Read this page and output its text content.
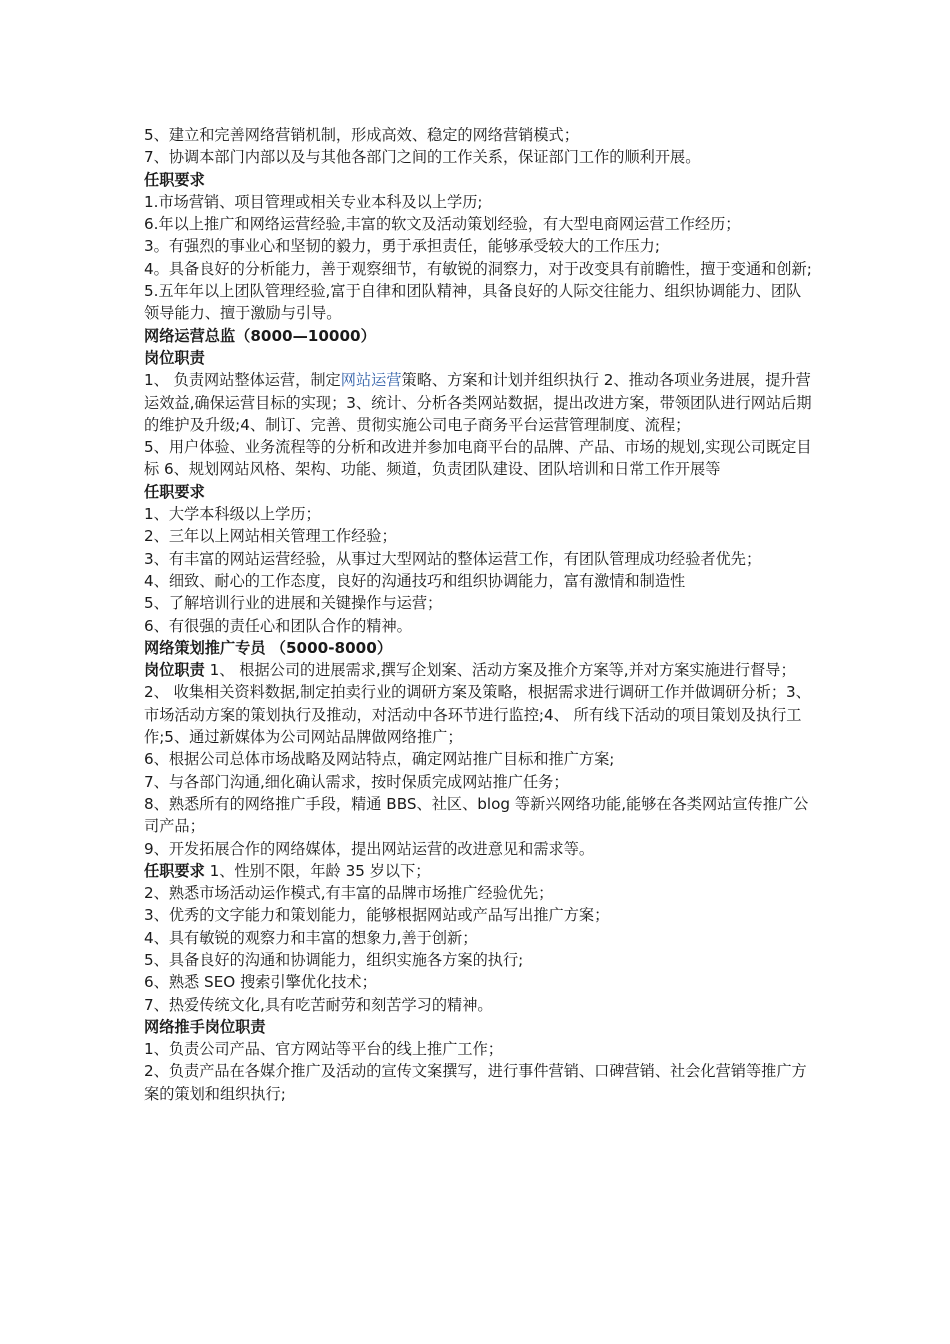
5、建立和完善网络营销机制，形成高效、稳定的网络营销模式；
7、协调本部门内部以及与其他各部门之间的工作关系，保证部门工作的顺利开展。
任职要求
1.市场营销、项目管理或相关专业本科及以上学历;
6.年以上推广和网络运营经验,丰富的软文及活动策划经验，有大型电商网运营工作经历；
3。有强烈的事业心和坚韧的毅力，勇于承担责任，能够承受较大的工作压力;
4。具备良好的分析能力，善于观察细节，有敏锐的洞察力，对于改变具有前瞻性，擅于变通和创新;
5.五年年以上团队管理经验,富于自律和团队精神，具备良好的人际交往能力、组织协调能力、团队领导能力、擅于激励与引导。
网络运营总监（8000—10000）
岗位职责
1、 负责网站整体运营，制定网站运营策略、方案和计划并组织执行 2、推动各项业务进展，提升营运效益,确保运营目标的实现；3、统计、分析各类网站数据，提出改进方案，带领团队进行网站后期的维护及升级;4、制订、完善、贯彻实施公司电子商务平台运营管理制度、流程；
5、用户体验、业务流程等的分析和改进并参加电商平台的品牌、产品、市场的规划,实现公司既定目标 6、规划网站风格、架构、功能、频道，负责团队建设、团队培训和日常工作开展等
任职要求
1、大学本科级以上学历；
2、三年以上网站相关管理工作经验；
3、有丰富的网站运营经验，从事过大型网站的整体运营工作，有团队管理成功经验者优先；
4、细致、耐心的工作态度，良好的沟通技巧和组织协调能力，富有激情和制造性
5、了解培训行业的进展和关键操作与运营；
6、有很强的责任心和团队合作的精神。
网络策划推广专员 （5000-8000）
岗位职责 1、 根据公司的进展需求,撰写企划案、活动方案及推介方案等,并对方案实施进行督导；2、 收集相关资料数据,制定拍卖行业的调研方案及策略，根据需求进行调研工作并做调研分析；3、 市场活动方案的策划执行及推动，对活动中各环节进行监控;4、 所有线下活动的项目策划及执行工作;5、通过新媒体为公司网站品牌做网络推广；
6、根据公司总体市场战略及网站特点，确定网站推广目标和推广方案;
7、与各部门沟通,细化确认需求，按时保质完成网站推广任务；
8、熟悉所有的网络推广手段，精通 BBS、社区、blog 等新兴网络功能,能够在各类网站宣传推广公司产品；
9、开发拓展合作的网络媒体，提出网站运营的改进意见和需求等。
任职要求 1、性别不限，年龄 35 岁以下；
2、熟悉市场活动运作模式,有丰富的品牌市场推广经验优先；
3、优秀的文字能力和策划能力，能够根据网站或产品写出推广方案；
4、具有敏锐的观察力和丰富的想象力,善于创新；
5、具备良好的沟通和协调能力，组织实施各方案的执行;
6、熟悉 SEO 搜索引擎优化技术；
7、热爱传统文化,具有吃苦耐劳和刻苦学习的精神。
网络推手岗位职责
1、负责公司产品、官方网站等平台的线上推广工作；
2、负责产品在各媒介推广及活动的宣传文案撰写，进行事件营销、口碑营销、社会化营销等推广方案的策划和组织执行;
